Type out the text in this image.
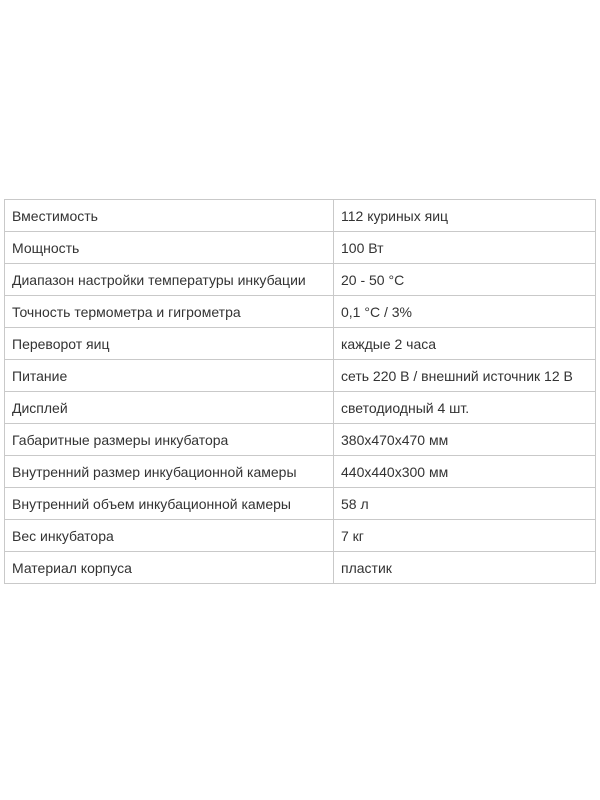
Вместимость	112 куриных яиц
Мощность	100 Вт
Диапазон настройки температуры инкубации	20 - 50 °С
Точность термометра и гигрометра	0,1 °С / 3%
Переворот яиц	каждые 2 часа
Питание	сеть 220 В / внешний источник 12 В
Дисплей	светодиодный 4 шт.
Габаритные размеры инкубатора	380х470х470 мм
Внутренний размер инкубационной камеры	440х440х300 мм
Внутренний объем инкубационной камеры	58 л
Вес инкубатора	7 кг
Материал корпуса	пластик
